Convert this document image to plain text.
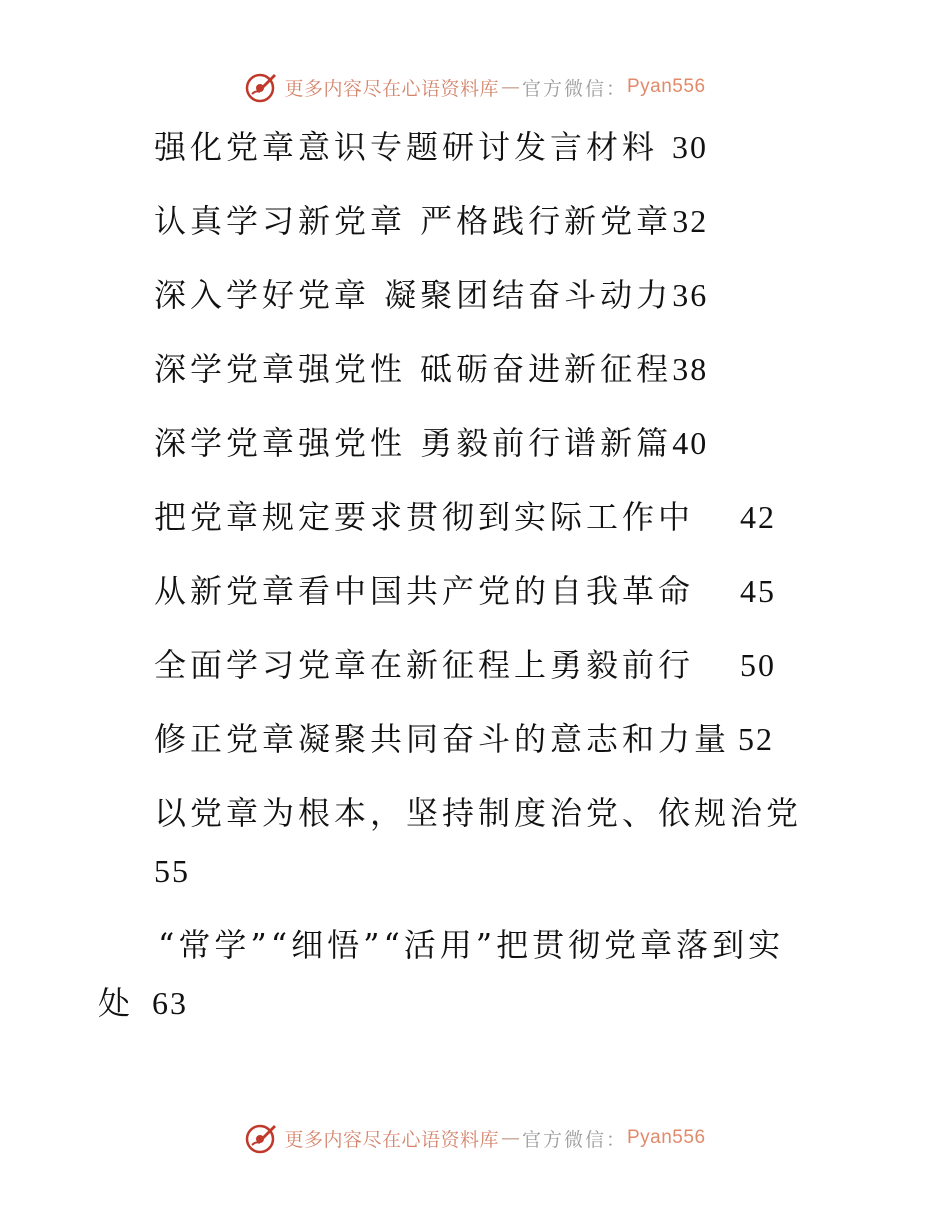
更多内容尽在心语资料库 — 官方微信： Pyan556
强化党章意识专题研讨发言材料 30
认真学习新党章 严格践行新党章32
深入学好党章 凝聚团结奋斗动力36
深学党章强党性 砥砺奋进新征程38
深学党章强党性 勇毅前行谱新篇40
把党章规定要求贯彻到实际工作中 42
从新党章看中国共产党的自我革命 45
全面学习党章在新征程上勇毅前行 50
修正党章凝聚共同奋斗的意志和力量 52
以党章为根本，坚持制度治党、依规治党
55
“常学”“细悟”“活用”把贯彻党章落到实
处 63
更多内容尽在心语资料库 — 官方微信： Pyan556
